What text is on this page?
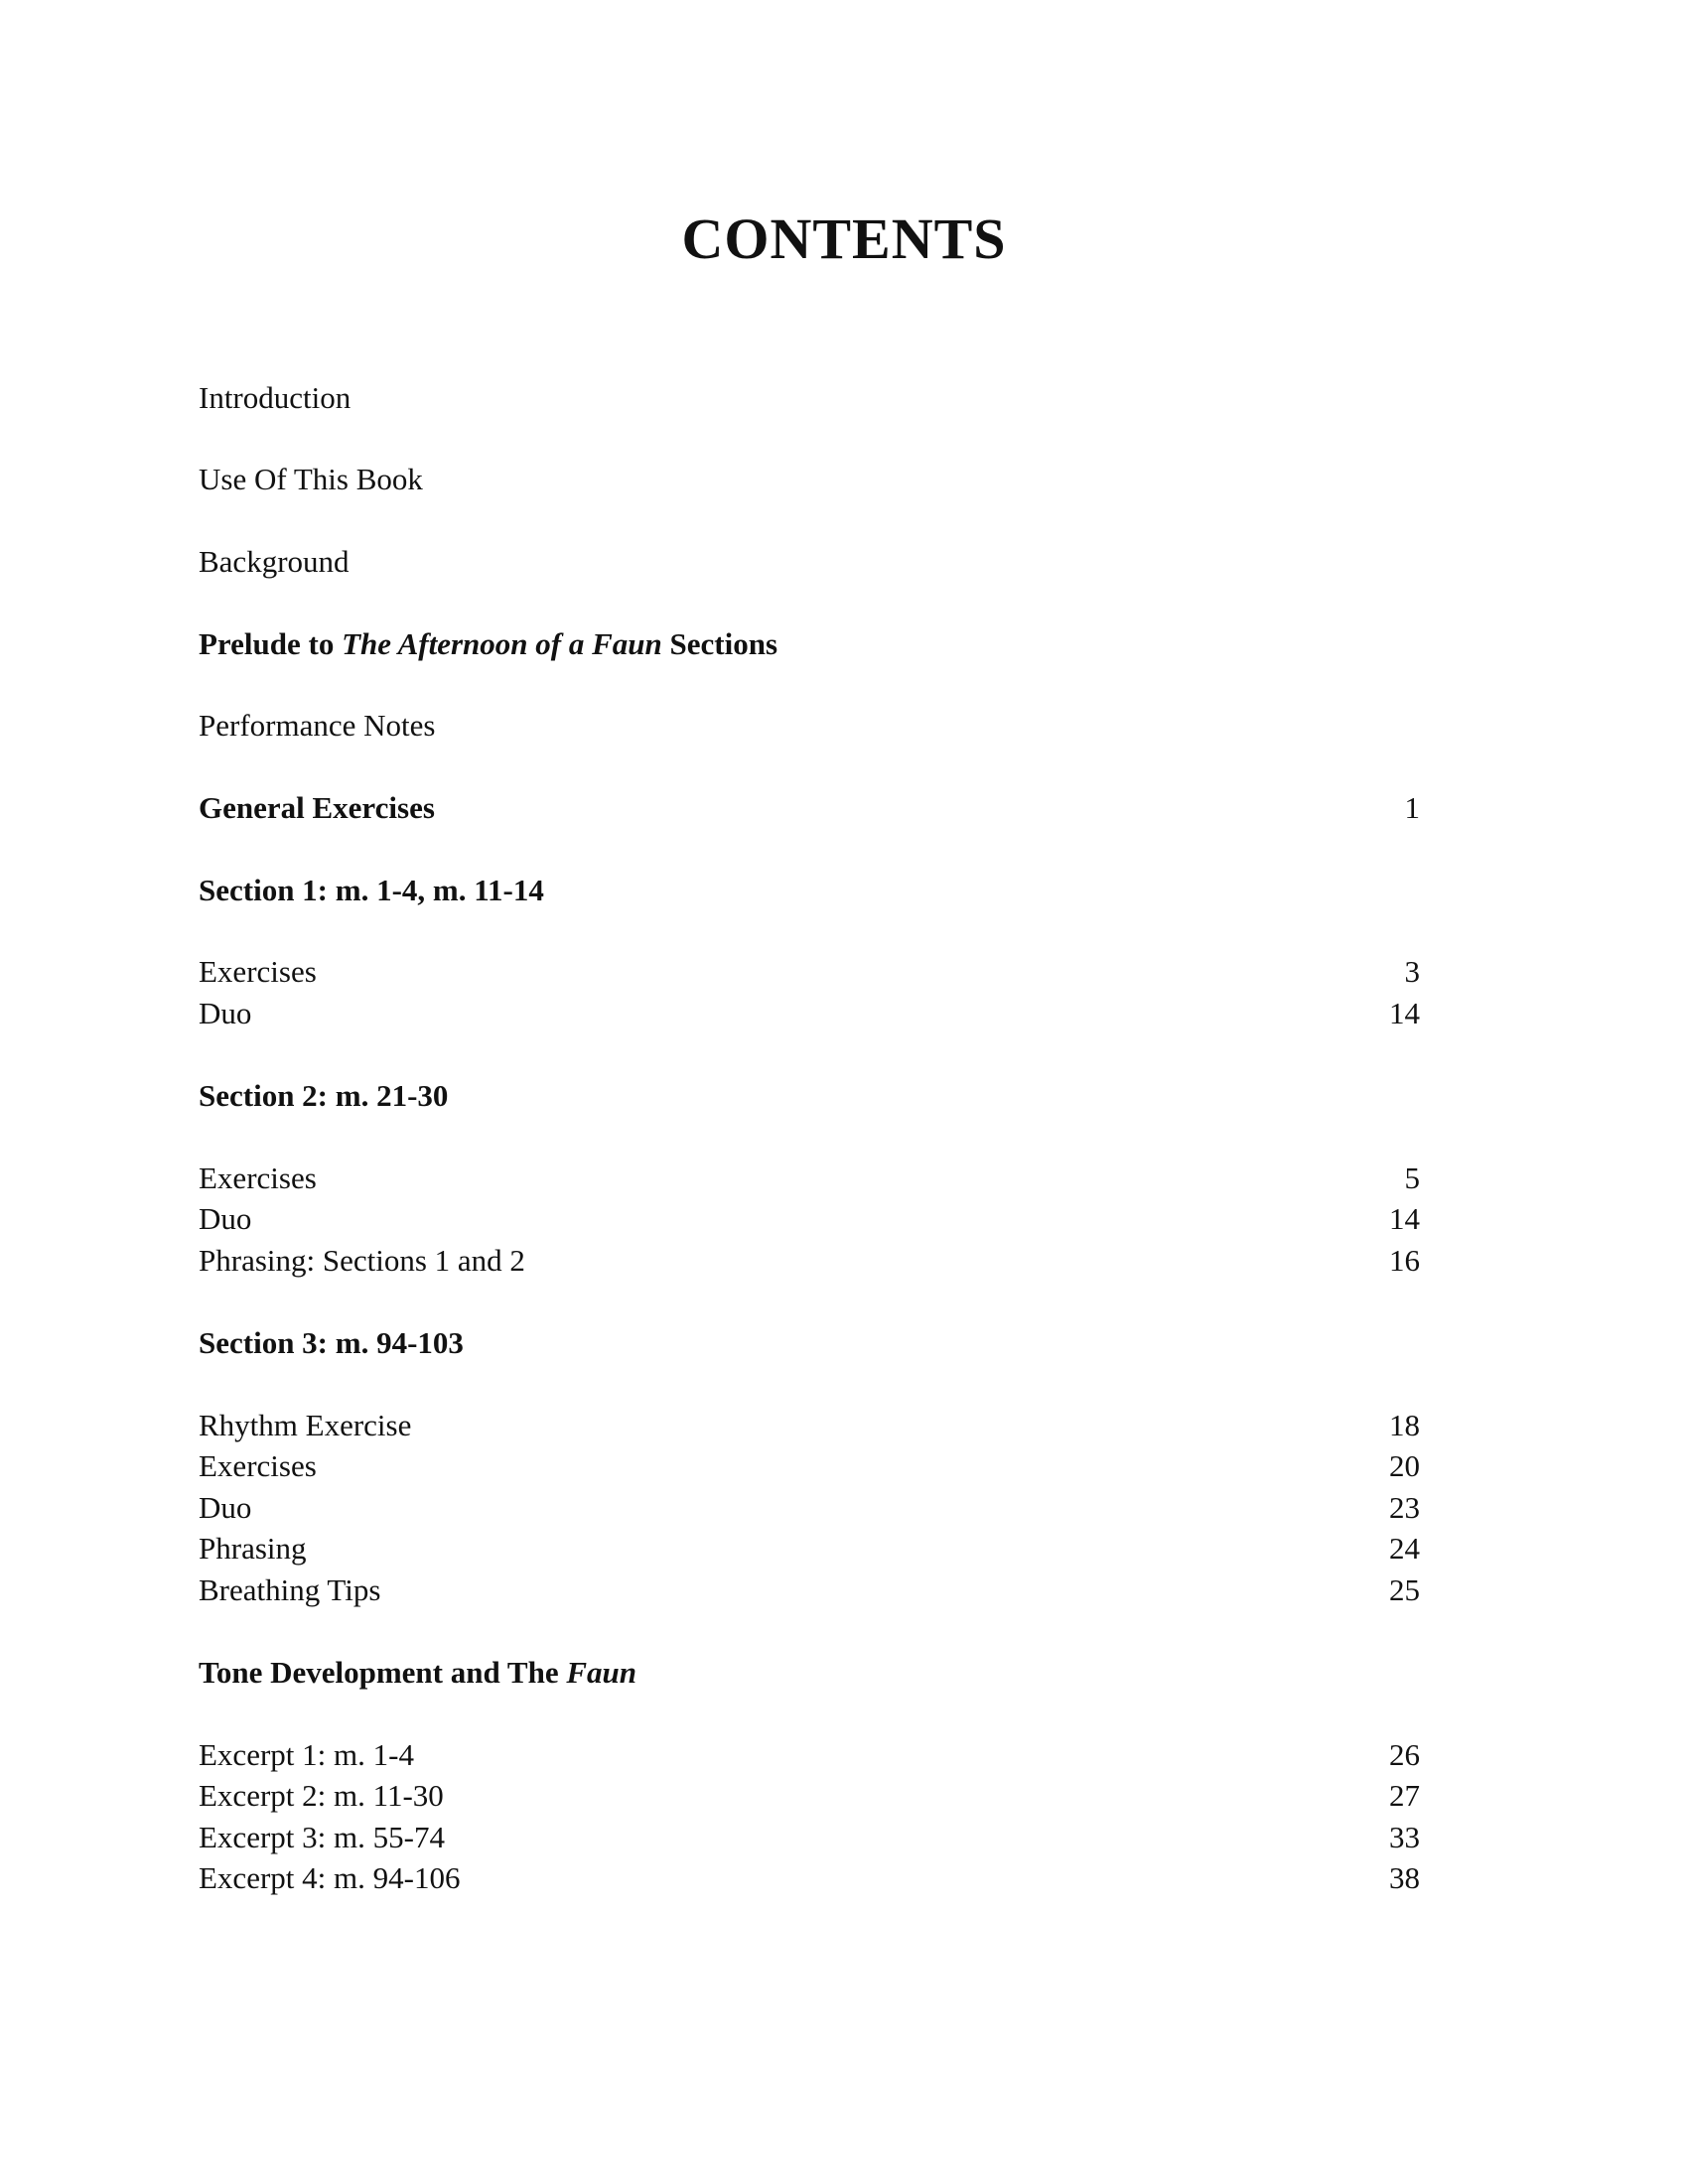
CONTENTS
Introduction
Use Of This Book
Background
Prelude to The Afternoon of a Faun Sections
Performance Notes
General Exercises	1
Section 1: m. 1-4, m. 11-14
Exercises	3
Duo	14
Section 2: m. 21-30
Exercises	5
Duo	14
Phrasing: Sections 1 and 2	16
Section 3: m. 94-103
Rhythm Exercise	18
Exercises	20
Duo	23
Phrasing	24
Breathing Tips	25
Tone Development and The Faun
Excerpt 1: m. 1-4	26
Excerpt 2: m. 11-30	27
Excerpt 3: m. 55-74	33
Excerpt 4: m. 94-106	38
